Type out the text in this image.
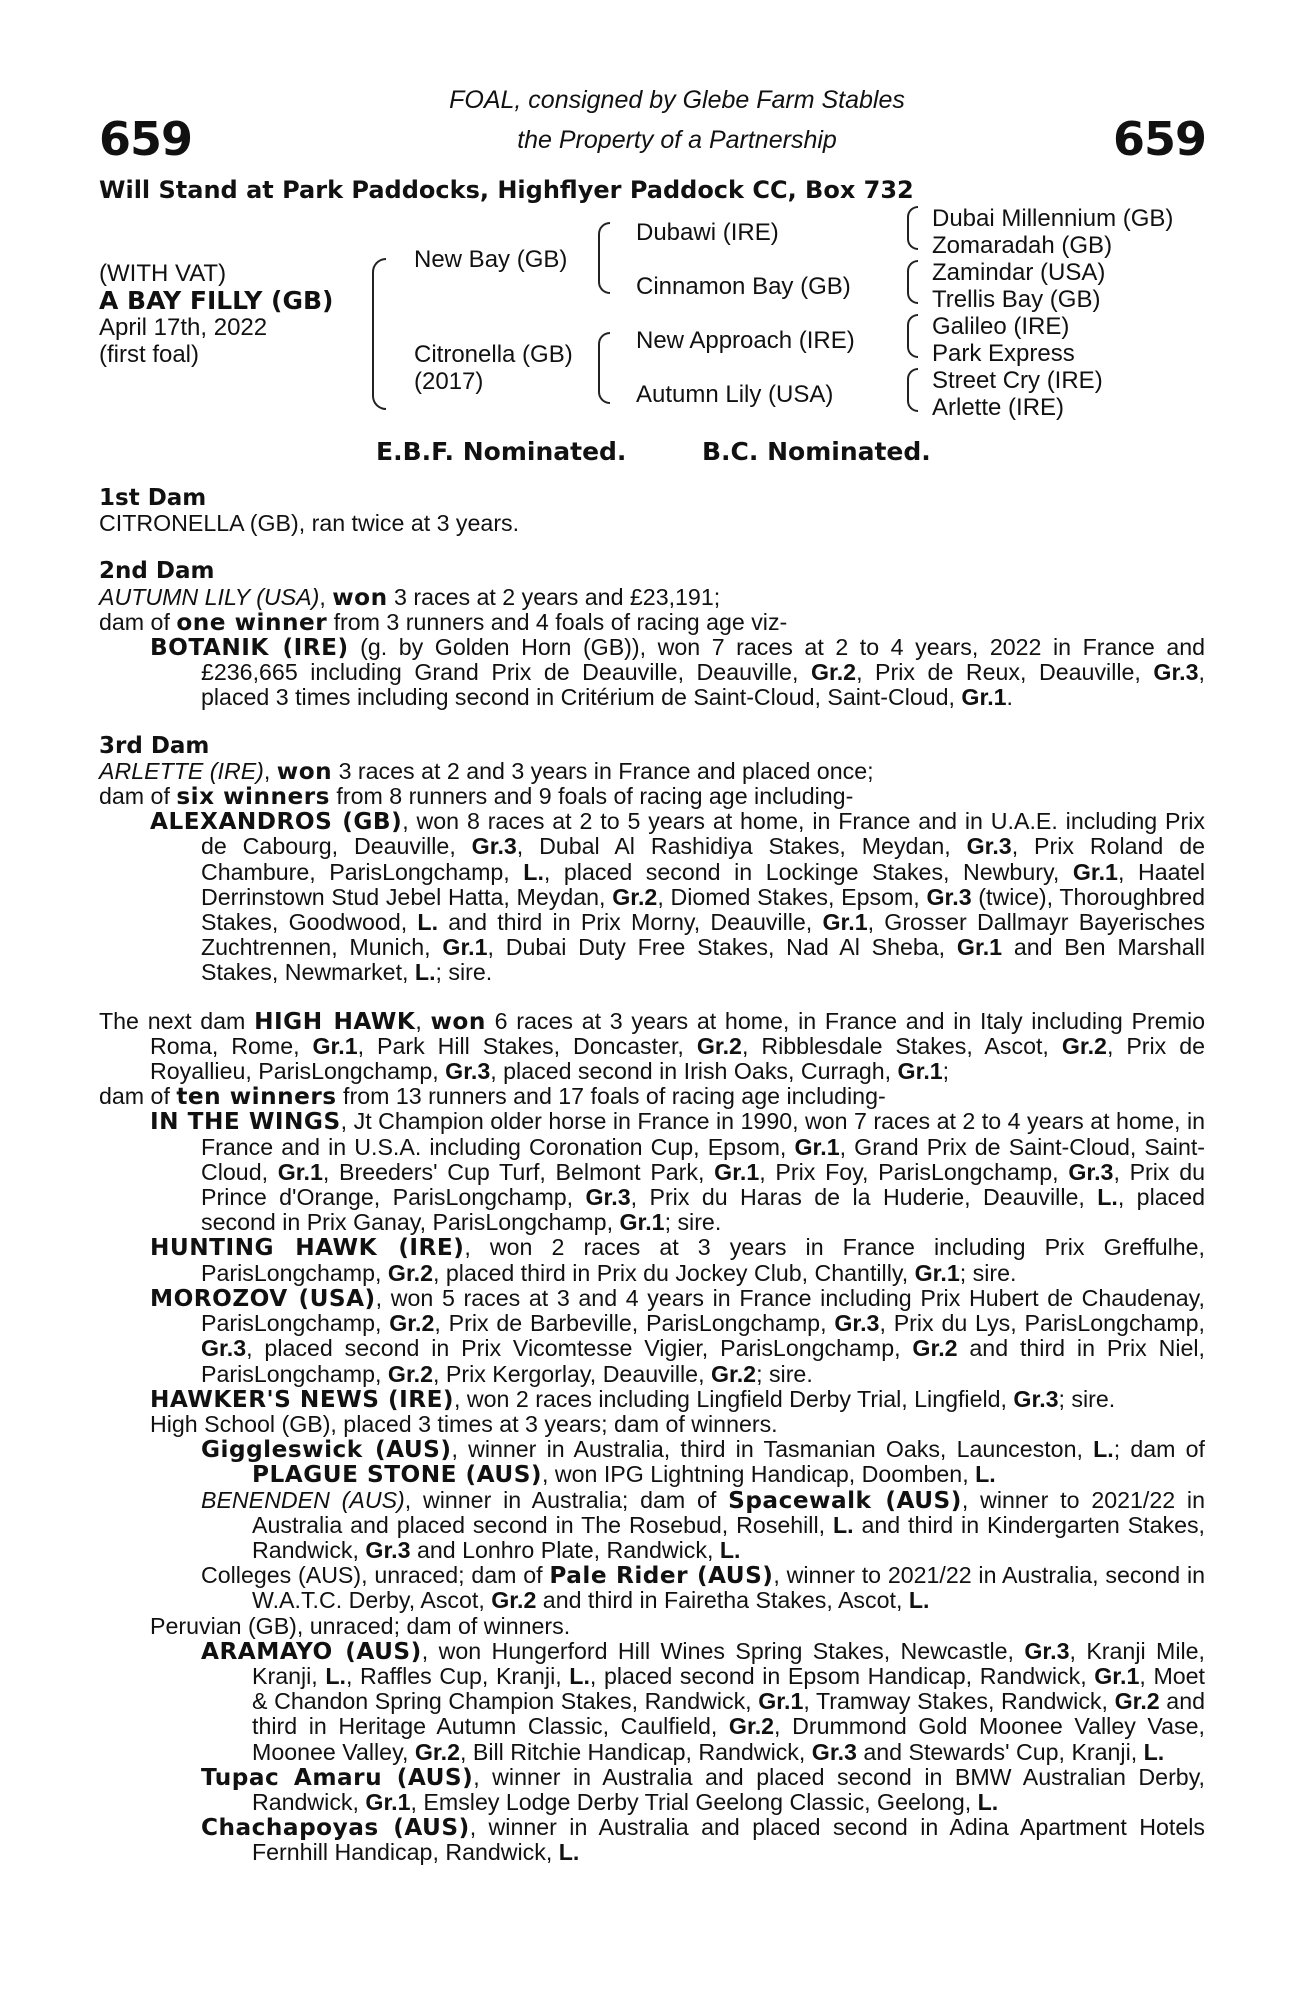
659	659
FOAL, consigned by Glebe Farm Stables
the Property of a Partnership
Will Stand at Park Paddocks, Highflyer Paddock CC, Box 732
(WITH VAT)
A BAY FILLY (GB)
April 17th, 2022
(first foal)
New Bay (GB)
Citronella (GB)
(2017)
Dubawi (IRE)
Cinnamon Bay (GB)
New Approach (IRE)
Autumn Lily (USA)
Dubai Millennium (GB)
Zomaradah (GB)
Zamindar (USA)
Trellis Bay (GB)
Galileo (IRE)
Park Express
Street Cry (IRE)
Arlette (IRE)
E.B.F. Nominated.	B.C. Nominated.
1st Dam
CITRONELLA (GB), ran twice at 3 years.
2nd Dam
AUTUMN LILY (USA), won 3 races at 2 years and £23,191;
dam of one winner from 3 runners and 4 foals of racing age viz-
BOTANIK (IRE) (g. by Golden Horn (GB)), won 7 races at 2 to 4 years, 2022 in France and £236,665 including Grand Prix de Deauville, Deauville, Gr.2, Prix de Reux, Deauville, Gr.3, placed 3 times including second in Critérium de Saint-Cloud, Saint-Cloud, Gr.1.
3rd Dam
ARLETTE (IRE), won 3 races at 2 and 3 years in France and placed once;
dam of six winners from 8 runners and 9 foals of racing age including-
ALEXANDROS (GB), won 8 races at 2 to 5 years at home, in France and in U.A.E. including Prix de Cabourg, Deauville, Gr.3, Dubal Al Rashidiya Stakes, Meydan, Gr.3, Prix Roland de Chambure, ParisLongchamp, L., placed second in Lockinge Stakes, Newbury, Gr.1, Haatel Derrinstown Stud Jebel Hatta, Meydan, Gr.2, Diomed Stakes, Epsom, Gr.3 (twice), Thoroughbred Stakes, Goodwood, L. and third in Prix Morny, Deauville, Gr.1, Grosser Dallmayr Bayerisches Zuchtrennen, Munich, Gr.1, Dubai Duty Free Stakes, Nad Al Sheba, Gr.1 and Ben Marshall Stakes, Newmarket, L.; sire.
The next dam HIGH HAWK, won 6 races at 3 years at home, in France and in Italy including Premio Roma, Rome, Gr.1, Park Hill Stakes, Doncaster, Gr.2, Ribblesdale Stakes, Ascot, Gr.2, Prix de Royallieu, ParisLongchamp, Gr.3, placed second in Irish Oaks, Curragh, Gr.1;
dam of ten winners from 13 runners and 17 foals of racing age including-
IN THE WINGS, Jt Champion older horse in France in 1990, won 7 races at 2 to 4 years at home, in France and in U.S.A. including Coronation Cup, Epsom, Gr.1, Grand Prix de Saint-Cloud, Saint-Cloud, Gr.1, Breeders' Cup Turf, Belmont Park, Gr.1, Prix Foy, ParisLongchamp, Gr.3, Prix du Prince d'Orange, ParisLongchamp, Gr.3, Prix du Haras de la Huderie, Deauville, L., placed second in Prix Ganay, ParisLongchamp, Gr.1; sire.
HUNTING HAWK (IRE), won 2 races at 3 years in France including Prix Greffulhe, ParisLongchamp, Gr.2, placed third in Prix du Jockey Club, Chantilly, Gr.1; sire.
MOROZOV (USA), won 5 races at 3 and 4 years in France including Prix Hubert de Chaudenay, ParisLongchamp, Gr.2, Prix de Barbeville, ParisLongchamp, Gr.3, Prix du Lys, ParisLongchamp, Gr.3, placed second in Prix Vicomtesse Vigier, ParisLongchamp, Gr.2 and third in Prix Niel, ParisLongchamp, Gr.2, Prix Kergorlay, Deauville, Gr.2; sire.
HAWKER'S NEWS (IRE), won 2 races including Lingfield Derby Trial, Lingfield, Gr.3; sire.
High School (GB), placed 3 times at 3 years; dam of winners.
Giggleswick (AUS), winner in Australia, third in Tasmanian Oaks, Launceston, L.; dam of PLAGUE STONE (AUS), won IPG Lightning Handicap, Doomben, L.
BENENDEN (AUS), winner in Australia; dam of Spacewalk (AUS), winner to 2021/22 in Australia and placed second in The Rosebud, Rosehill, L. and third in Kindergarten Stakes, Randwick, Gr.3 and Lonhro Plate, Randwick, L.
Colleges (AUS), unraced; dam of Pale Rider (AUS), winner to 2021/22 in Australia, second in W.A.T.C. Derby, Ascot, Gr.2 and third in Fairetha Stakes, Ascot, L.
Peruvian (GB), unraced; dam of winners.
ARAMAYO (AUS), won Hungerford Hill Wines Spring Stakes, Newcastle, Gr.3, Kranji Mile, Kranji, L., Raffles Cup, Kranji, L., placed second in Epsom Handicap, Randwick, Gr.1, Moet & Chandon Spring Champion Stakes, Randwick, Gr.1, Tramway Stakes, Randwick, Gr.2 and third in Heritage Autumn Classic, Caulfield, Gr.2, Drummond Gold Moonee Valley Vase, Moonee Valley, Gr.2, Bill Ritchie Handicap, Randwick, Gr.3 and Stewards' Cup, Kranji, L.
Tupac Amaru (AUS), winner in Australia and placed second in BMW Australian Derby, Randwick, Gr.1, Emsley Lodge Derby Trial Geelong Classic, Geelong, L.
Chachapoyas (AUS), winner in Australia and placed second in Adina Apartment Hotels Fernhill Handicap, Randwick, L.
